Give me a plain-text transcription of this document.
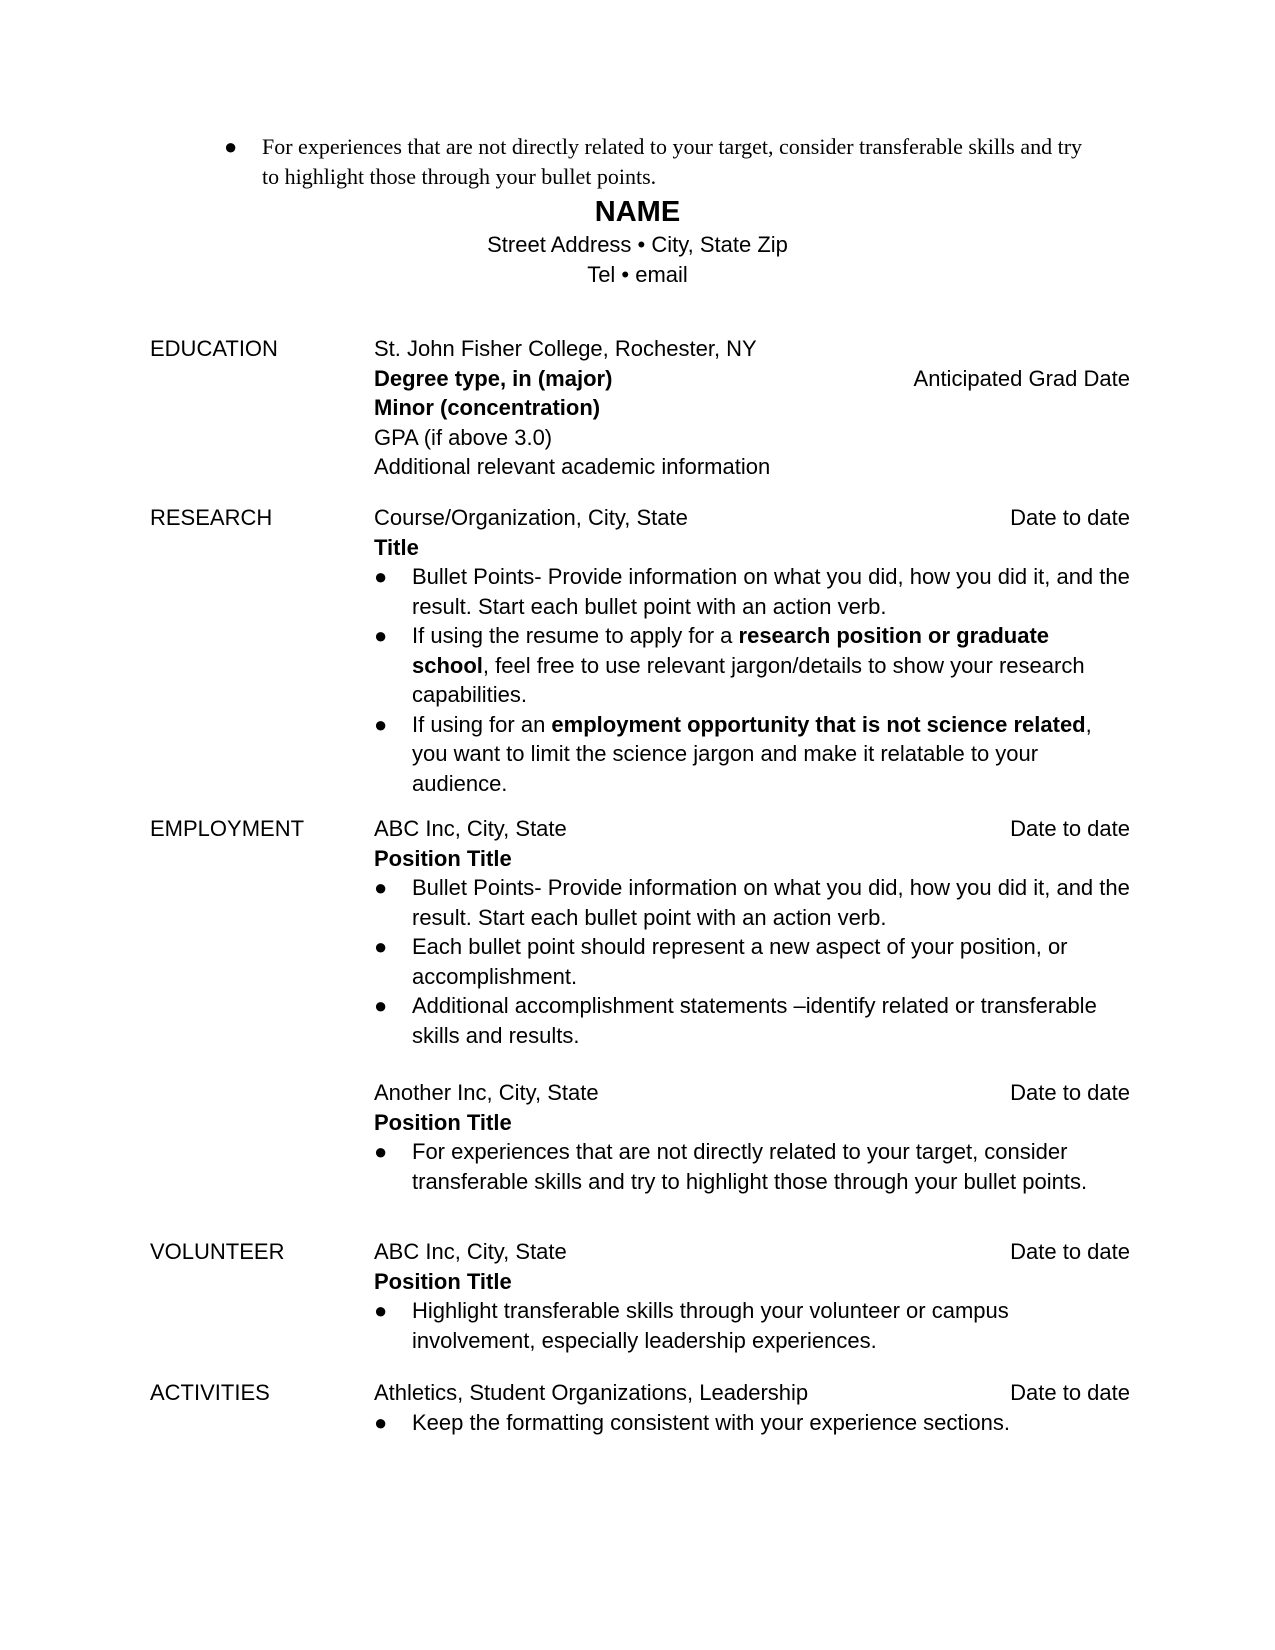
● For experiences that are not directly related to your target, consider transferable skills and try to highlight those through your bullet points.
NAME
Street Address • City, State Zip
Tel • email
EDUCATION	St. John Fisher College, Rochester, NY
Degree type, in (major)	Anticipated Grad Date
Minor (concentration)
GPA (if above 3.0)
Additional relevant academic information
RESEARCH	Course/Organization, City, State	Date to date
Title
● Bullet Points- Provide information on what you did, how you did it, and the result. Start each bullet point with an action verb.
● If using the resume to apply for a research position or graduate school, feel free to use relevant jargon/details to show your research capabilities.
● If using for an employment opportunity that is not science related, you want to limit the science jargon and make it relatable to your audience.
EMPLOYMENT	ABC Inc, City, State	Date to date
Position Title
● Bullet Points- Provide information on what you did, how you did it, and the result. Start each bullet point with an action verb.
● Each bullet point should represent a new aspect of your position, or accomplishment.
● Additional accomplishment statements –identify related or transferable skills and results.
Another Inc, City, State	Date to date
Position Title
● For experiences that are not directly related to your target, consider transferable skills and try to highlight those through your bullet points.
VOLUNTEER	ABC Inc, City, State	Date to date
Position Title
● Highlight transferable skills through your volunteer or campus involvement, especially leadership experiences.
ACTIVITIES	Athletics, Student Organizations, Leadership	Date to date
● Keep the formatting consistent with your experience sections.
